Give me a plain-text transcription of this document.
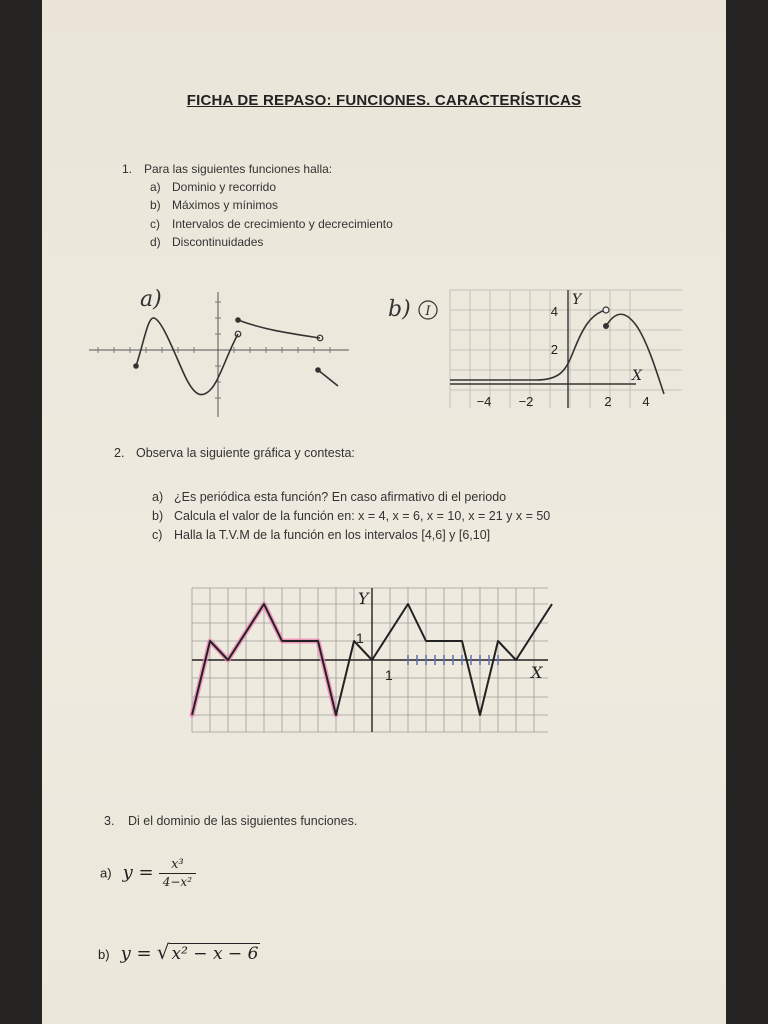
FICHA DE REPASO: FUNCIONES. CARACTERÍSTICAS
1. Para las siguientes funciones halla:
a) Dominio y recorrido
b) Máximos y mínimos
c) Intervalos de crecimiento y decrecimiento
d) Discontinuidades
a)	b) I
Y
X
−4 −2	2 4
2
4
2. Observa la siguiente gráfica y contesta:
a) ¿Es periódica esta función? En caso afirmativo di el periodo
b) Calcula el valor de la función en: x = 4, x = 6, x = 10, x = 21 y x = 50
c) Halla la T.V.M de la función en los intervalos [4,6] y [6,10]
Y
X
1
1
3. Di el dominio de las siguientes funciones.
a) $y = \frac{\text{x³}}{\text{4−x²}}$
b) y = √ x² − x − 6
